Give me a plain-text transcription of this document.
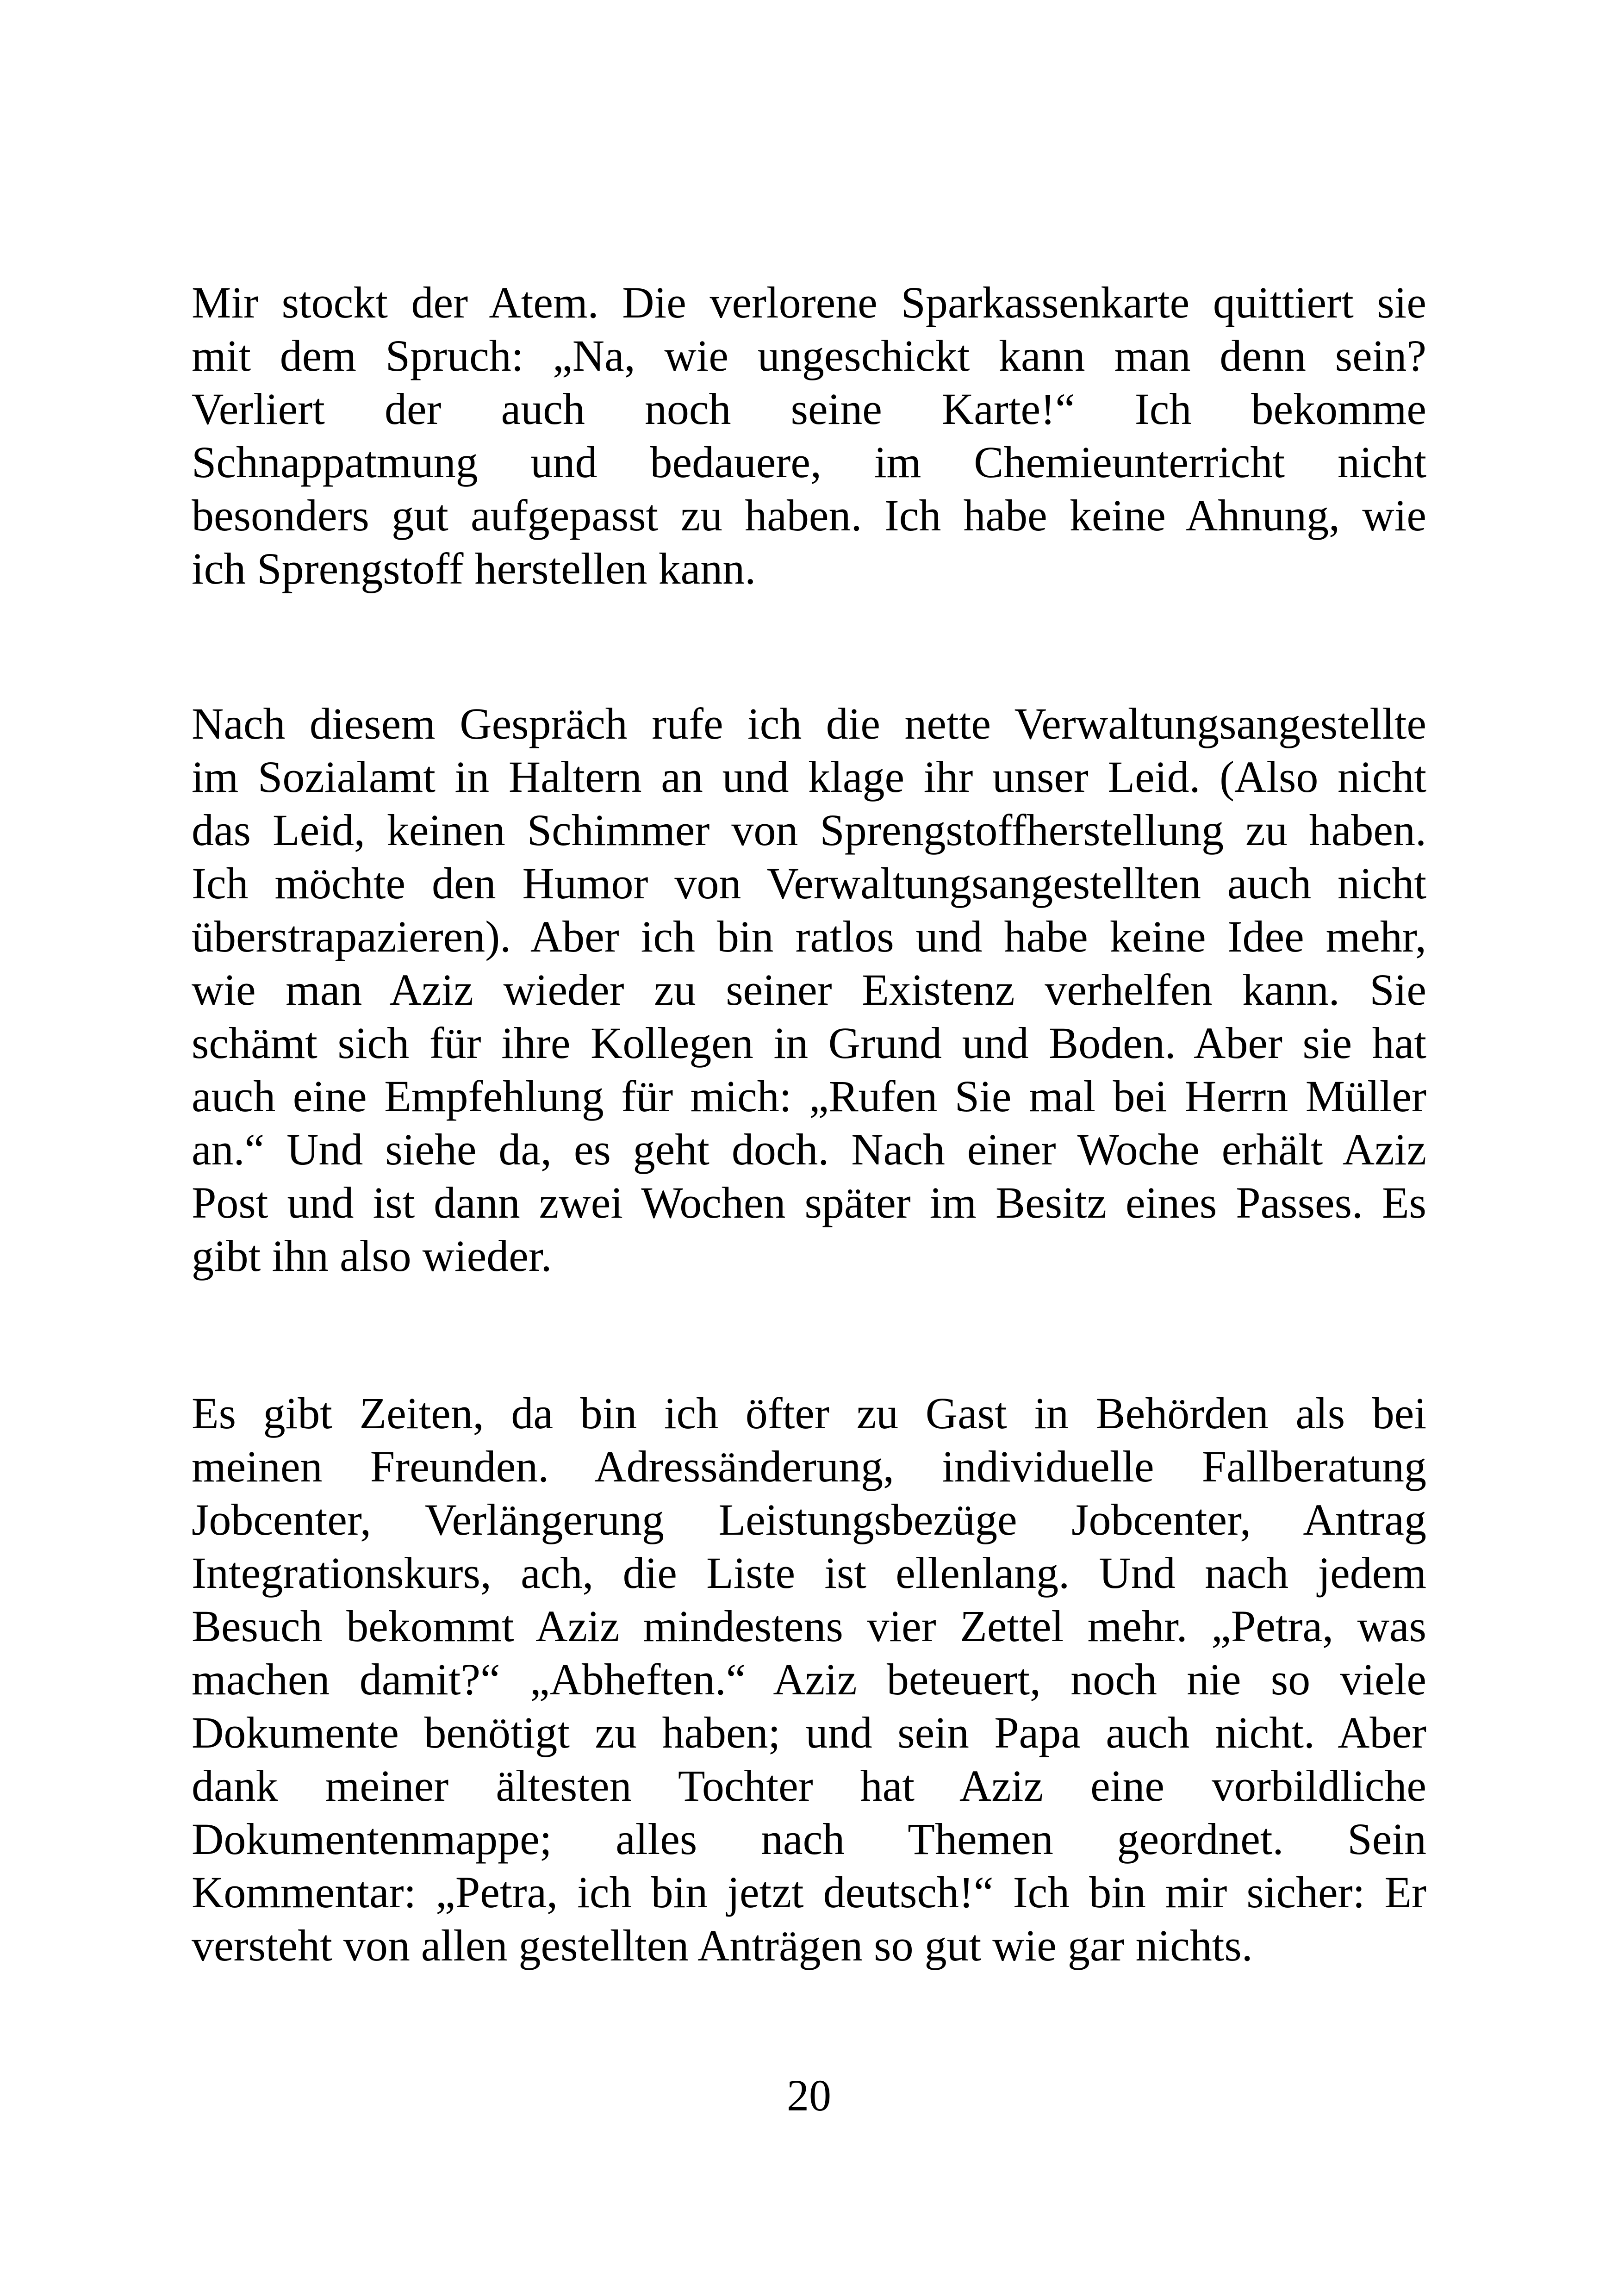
Mir stockt der Atem. Die verlorene Sparkassenkarte quittiert sie
mit dem Spruch: „Na, wie ungeschickt kann man denn sein?
Verliert der auch noch seine Karte!“ Ich bekomme
Schnappatmung und bedauere, im Chemieunterricht nicht
besonders gut aufgepasst zu haben. Ich habe keine Ahnung, wie
ich Sprengstoff herstellen kann.
Nach diesem Gespräch rufe ich die nette Verwaltungsangestellte
im Sozialamt in Haltern an und klage ihr unser Leid. (Also nicht
das Leid, keinen Schimmer von Sprengstoffherstellung zu haben.
Ich möchte den Humor von Verwaltungsangestellten auch nicht
überstrapazieren). Aber ich bin ratlos und habe keine Idee mehr,
wie man Aziz wieder zu seiner Existenz verhelfen kann. Sie
schämt sich für ihre Kollegen in Grund und Boden. Aber sie hat
auch eine Empfehlung für mich: „Rufen Sie mal bei Herrn Müller
an.“ Und siehe da, es geht doch. Nach einer Woche erhält Aziz
Post und ist dann zwei Wochen später im Besitz eines Passes. Es
gibt ihn also wieder.
Es gibt Zeiten, da bin ich öfter zu Gast in Behörden als bei
meinen Freunden. Adressänderung, individuelle Fallberatung
Jobcenter, Verlängerung Leistungsbezüge Jobcenter, Antrag
Integrationskurs, ach, die Liste ist ellenlang. Und nach jedem
Besuch bekommt Aziz mindestens vier Zettel mehr. „Petra, was
machen damit?“ „Abheften.“ Aziz beteuert, noch nie so viele
Dokumente benötigt zu haben; und sein Papa auch nicht. Aber
dank meiner ältesten Tochter hat Aziz eine vorbildliche
Dokumentenmappe; alles nach Themen geordnet. Sein
Kommentar: „Petra, ich bin jetzt deutsch!“ Ich bin mir sicher: Er
versteht von allen gestellten Anträgen so gut wie gar nichts.
20
